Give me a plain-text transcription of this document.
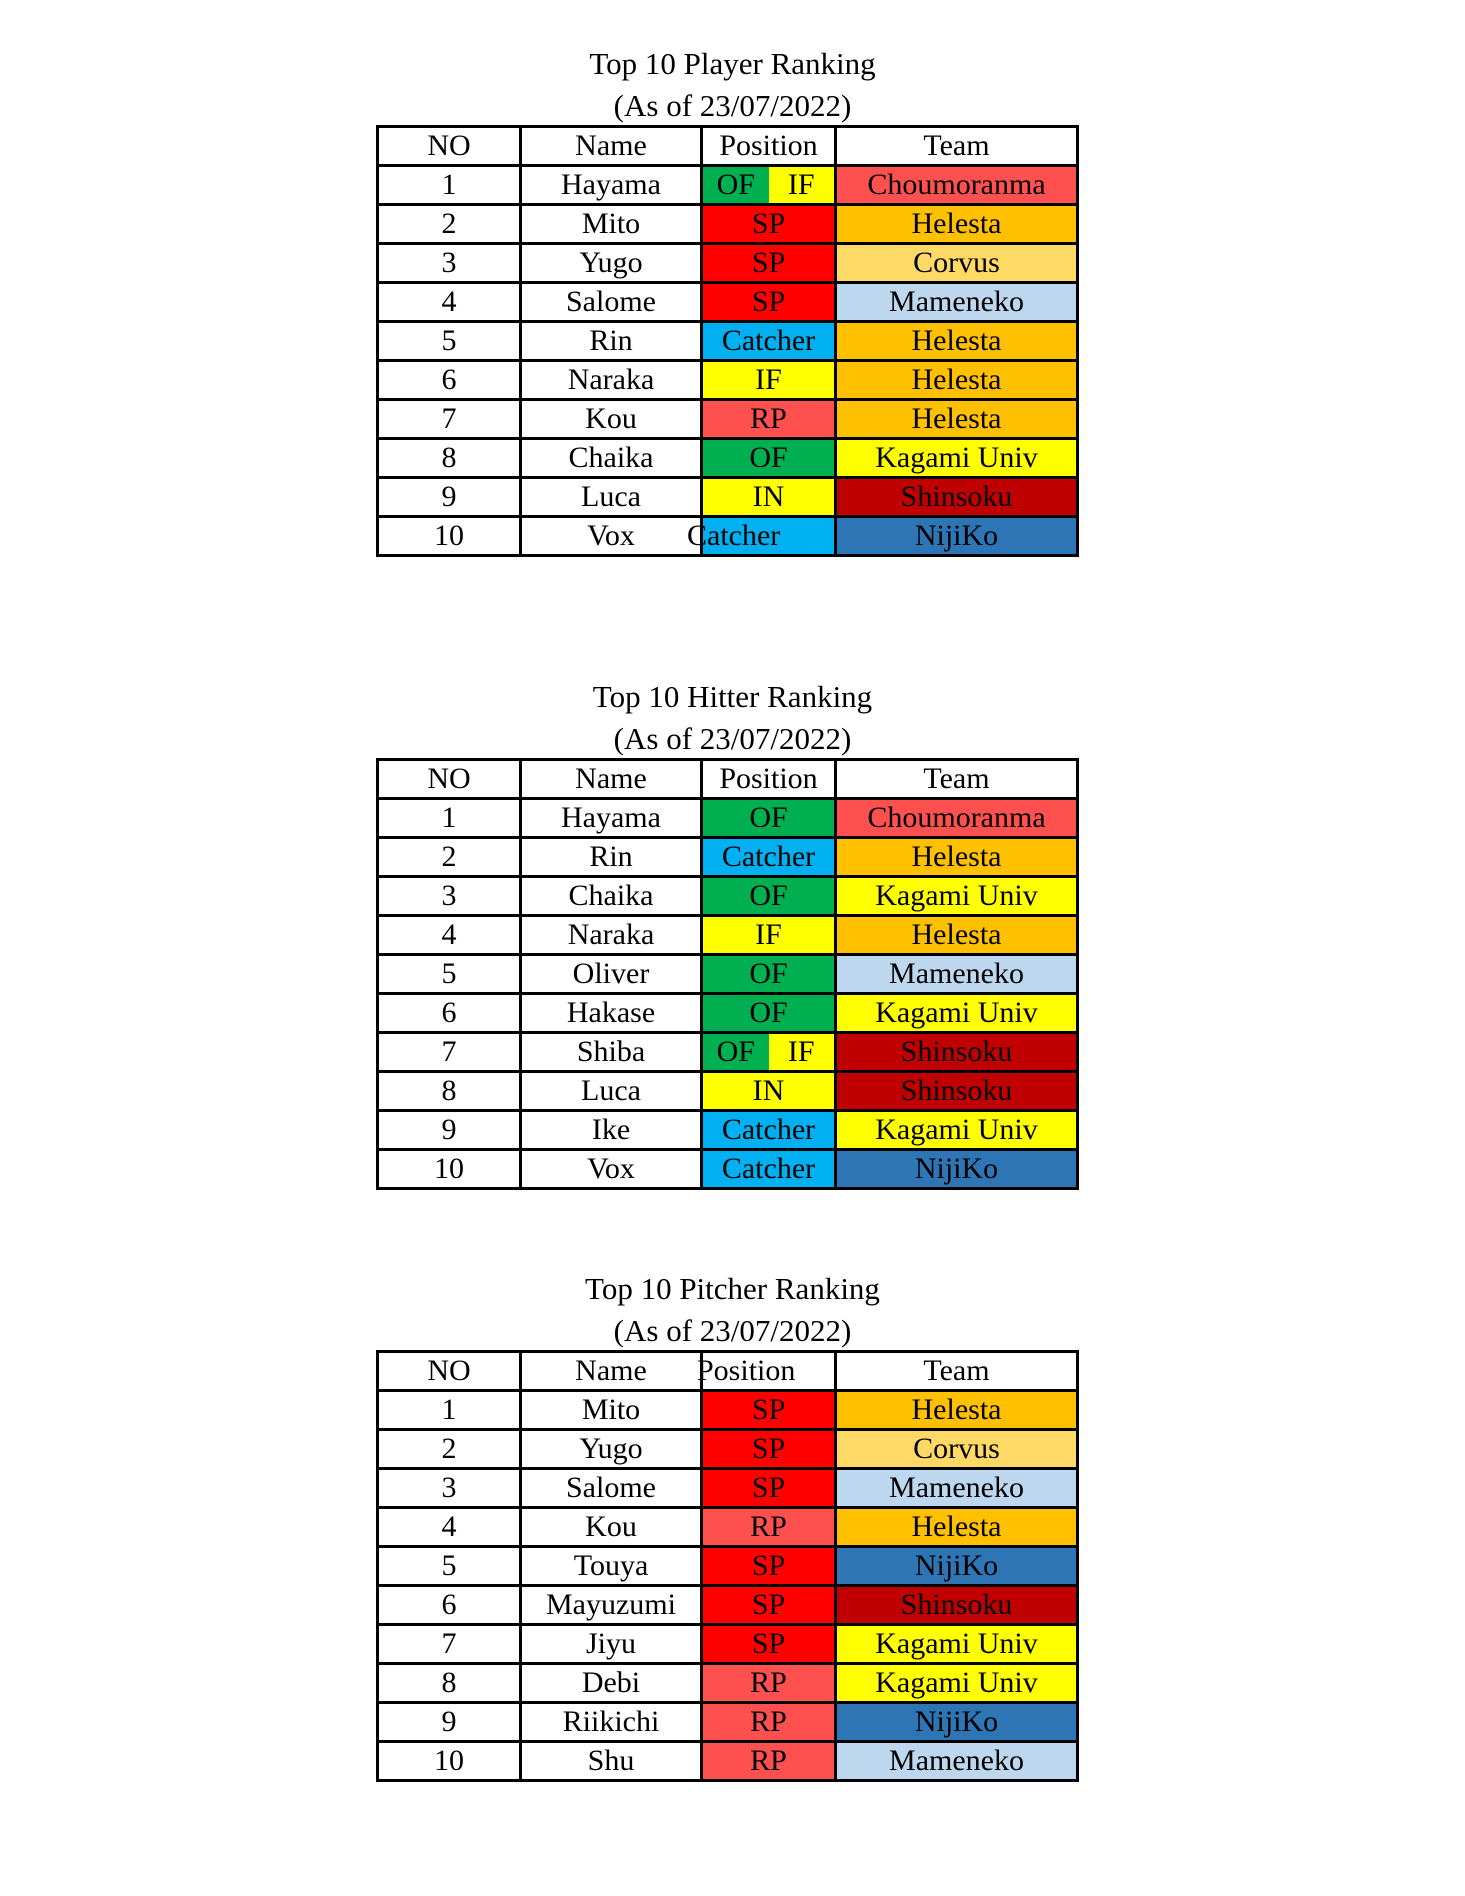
Top 10 Player Ranking
(As of 23/07/2022)
NO	Name	Position	Team
1	Hayama	OF IF	Choumoranma
2	Mito	SP	Helesta
3	Yugo	SP	Corvus
4	Salome	SP	Mameneko
5	Rin	Catcher	Helesta
6	Naraka	IF	Helesta
7	Kou	RP	Helesta
8	Chaika	OF	Kagami Univ
9	Luca	IN	Shinsoku
10	Vox	Catcher	NijiKo
Top 10 Hitter Ranking
(As of 23/07/2022)
NO	Name	Position	Team
1	Hayama	OF	Choumoranma
2	Rin	Catcher	Helesta
3	Chaika	OF	Kagami Univ
4	Naraka	IF	Helesta
5	Oliver	OF	Mameneko
6	Hakase	OF	Kagami Univ
7	Shiba	OF IF	Shinsoku
8	Luca	IN	Shinsoku
9	Ike	Catcher	Kagami Univ
10	Vox	Catcher	NijiKo
Top 10 Pitcher Ranking
(As of 23/07/2022)
NO	Name	Position	Team
1	Mito	SP	Helesta
2	Yugo	SP	Corvus
3	Salome	SP	Mameneko
4	Kou	RP	Helesta
5	Touya	SP	NijiKo
6	Mayuzumi	SP	Shinsoku
7	Jiyu	SP	Kagami Univ
8	Debi	RP	Kagami Univ
9	Riikichi	RP	NijiKo
10	Shu	RP	Mameneko
